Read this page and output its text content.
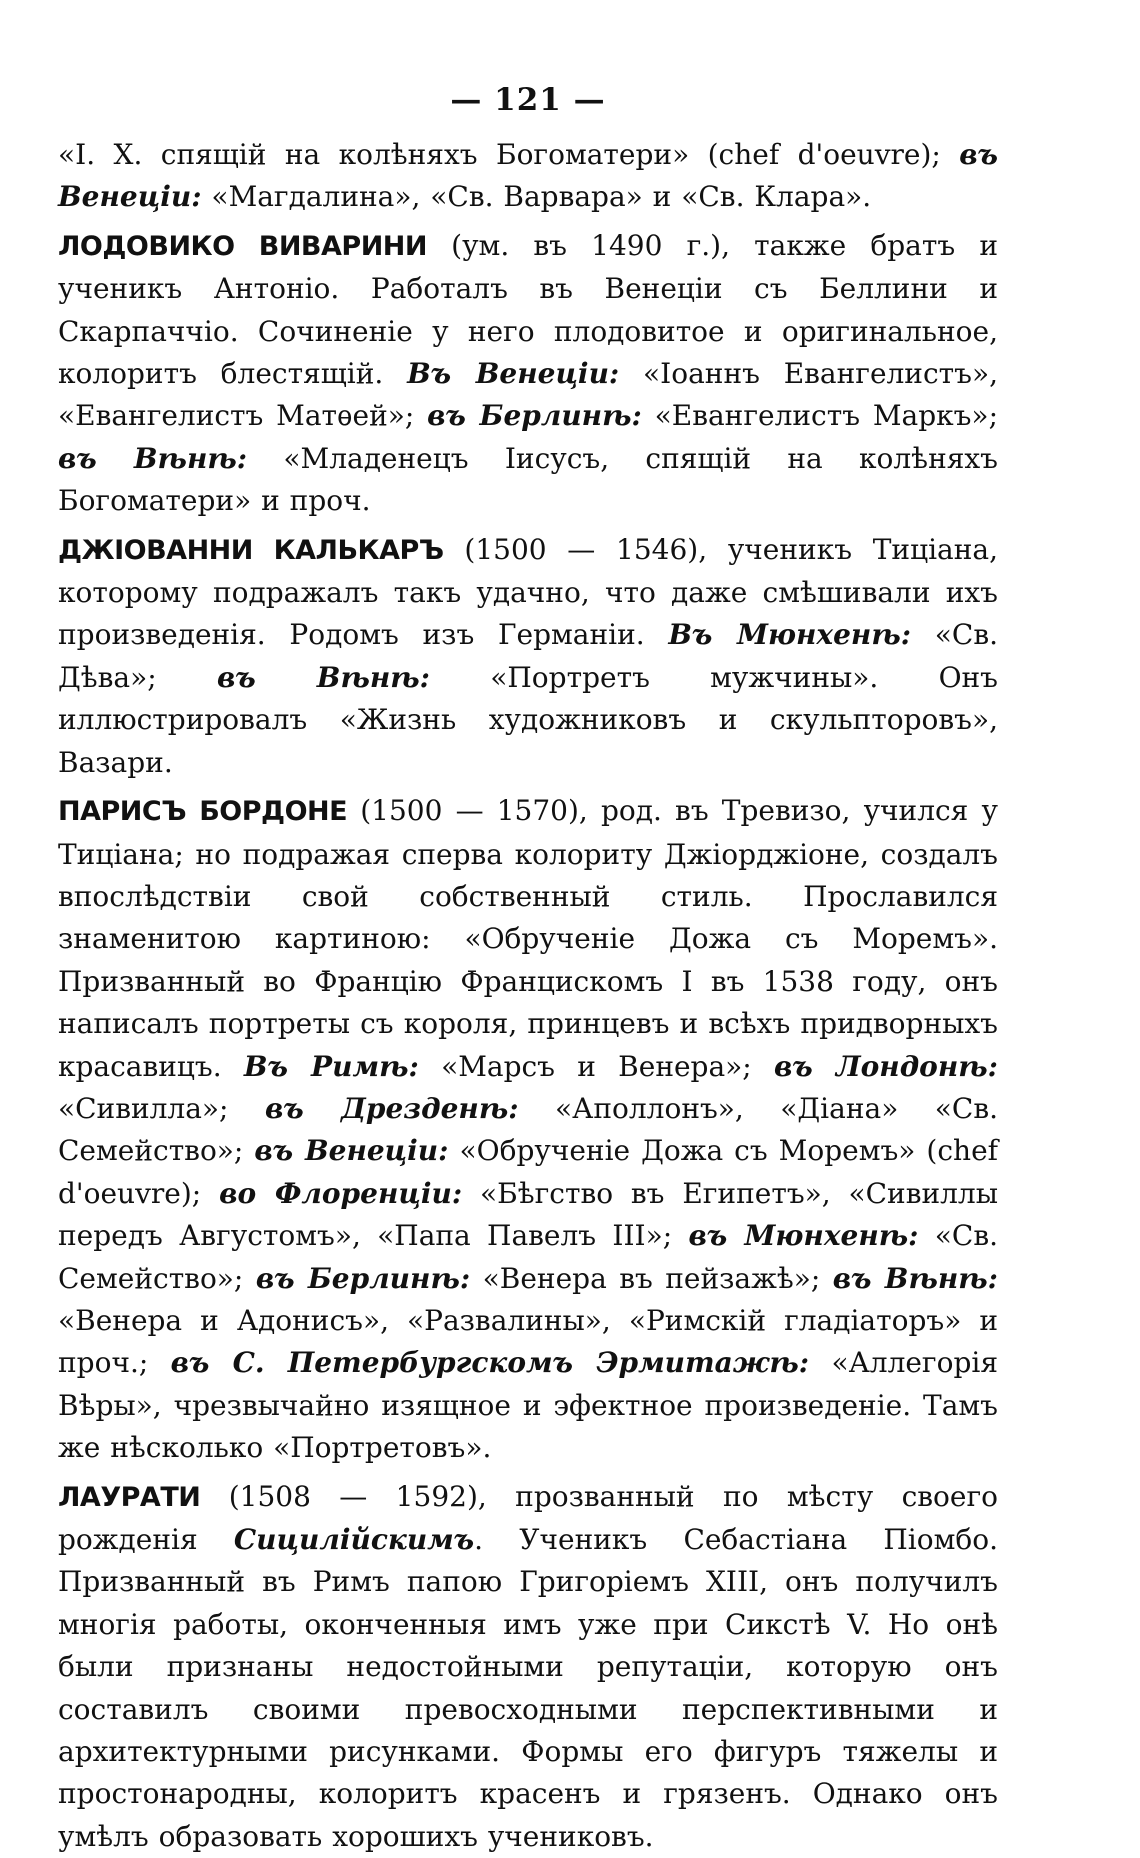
— 121 —

«І. X. спящій на колѣняхъ Богоматери» (chef d'oeuvre); въ Венеціи: «Магдалина», «Св. Варвара» и «Св. Клара».

ЛОДОВИКО ВИВАРИНИ (ум. въ 1490 г.), также братъ и ученикъ Антоніо. Работалъ въ Венеціи съ Беллини и Скарпаччіо. Сочиненіе у него плодовитое и оригинальное, колоритъ блестящій. Въ Венеціи: «Іоаннъ Евангелистъ», «Евангелистъ Матѳей»; въ Берлинѣ: «Евангелистъ Маркъ»; въ Вѣнѣ: «Младенецъ Іисусъ, спящій на колѣняхъ Богоматери» и проч.

ДЖІОВАННИ КАЛЬКАРЪ (1500 — 1546), ученикъ Тиціана, которому подражалъ такъ удачно, что даже смѣшивали ихъ произведенія. Родомъ изъ Германіи. Въ Мюнхенѣ: «Св. Дѣва»; въ Вѣнѣ: «Портретъ мужчины». Онъ иллюстрировалъ «Жизнь художниковъ и скульпторовъ», Вазари.

ПАРИСЪ БОРДОНЕ (1500 — 1570), род. въ Тревизо, учился у Тиціана; но подражая сперва колориту Джіорджіоне, создалъ впослѣдствіи свой собственный стиль. Прославился знаменитою картиною: «Обрученіе Дожа съ Моремъ». Призванный во Францію Францискомъ I въ 1538 году, онъ написалъ портреты съ короля, принцевъ и всѣхъ придворныхъ красавицъ. Въ Римѣ: «Марсъ и Венера»; въ Лондонѣ: «Сивилла»; въ Дрезденѣ: «Аполлонъ», «Діана» «Св. Семейство»; въ Венеціи: «Обрученіе Дожа съ Моремъ» (chef d'oeuvre); во Флоренціи: «Бѣгство въ Египетъ», «Сивиллы передъ Августомъ», «Папа Павелъ III»; въ Мюнхенѣ: «Св. Семейство»; въ Берлинѣ: «Венера въ пейзажѣ»; въ Вѣнѣ: «Венера и Адонисъ», «Развалины», «Римскій гладіаторъ» и проч.; въ С. Петербургскомъ Эрмитажѣ: «Аллегорія Вѣры», чрезвычайно изящное и эфектное произведеніе. Тамъ же нѣсколько «Портретовъ».

ЛАУРАТИ (1508 — 1592), прозванный по мѣсту своего рожденія Сицилійскимъ. Ученикъ Себастіана Піомбо. Призванный въ Римъ папою Григоріемъ XIII, онъ получилъ многія работы, оконченныя имъ уже при Сикстѣ V. Но онѣ были признаны недостойными репутаціи, которую онъ составилъ своими превосходными перспективными и архитектурными рисунками. Формы его фигуръ тяжелы и простонародны, колоритъ красенъ и грязенъ. Однако онъ умѣлъ образовать хорошихъ учениковъ.
